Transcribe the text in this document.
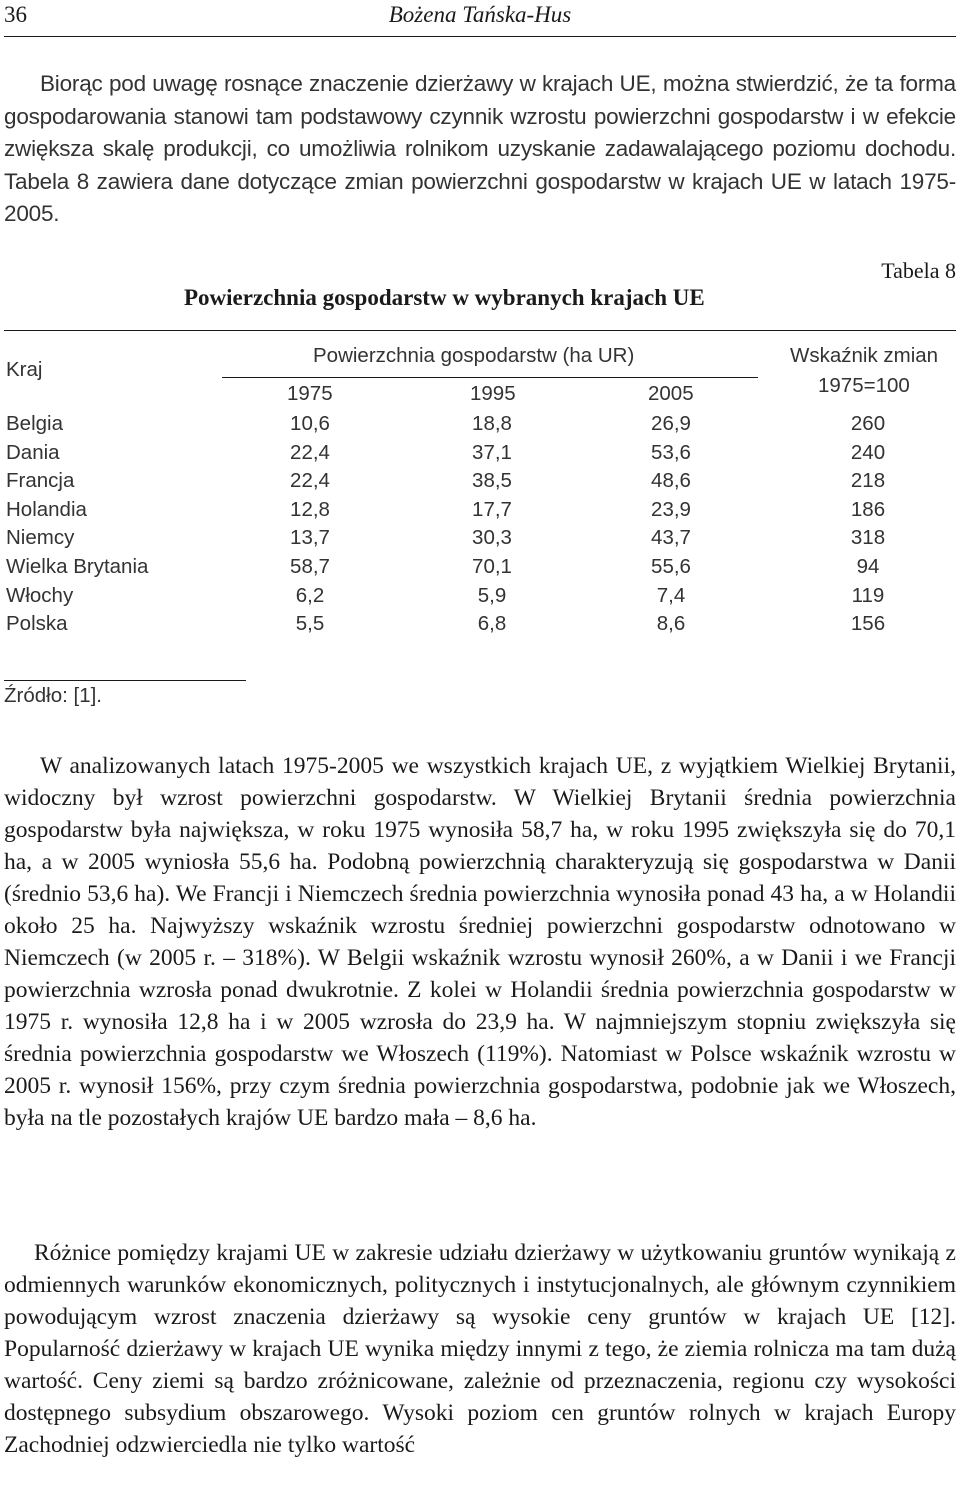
36	Bożena Tańska-Hus

Biorąc pod uwagę rosnące znaczenie dzierżawy w krajach UE, można stwierdzić, że ta forma gospodarowania stanowi tam podstawowy czynnik wzrostu powierzchni gospodarstw i w efekcie zwiększa skalę produkcji, co umożliwia rolnikom uzyskanie zadawalającego poziomu dochodu. Tabela 8 zawiera dane dotyczące zmian powierzchni gospodarstw w krajach UE w latach 1975-2005.

Tabela 8
Powierzchnia gospodarstw w wybranych krajach UE
Kraj
Powierzchnia gospodarstw (ha UR)	Wskaźnik zmian
1975=100
1975	1995	2005
Belgia	10,6	18,8	26,9	260
Dania	22,4	37,1	53,6	240
Francja	22,4	38,5	48,6	218
Holandia	12,8	17,7	23,9	186
Niemcy	13,7	30,3	43,7	318
Wielka Brytania	58,7	70,1	55,6	94
Włochy	6,2	5,9	7,4	119
Polska	5,5	6,8	8,6	156
Źródło: [1].

W analizowanych latach 1975-2005 we wszystkich krajach UE, z wyjątkiem Wielkiej Brytanii, widoczny był wzrost powierzchni gospodarstw. W Wielkiej Brytanii średnia powierzchnia gospodarstw była największa, w roku 1975 wynosiła 58,7 ha, w roku 1995 zwiększyła się do 70,1 ha, a w 2005 wyniosła 55,6 ha. Podobną powierzchnią charakteryzują się gospodarstwa w Danii (średnio 53,6 ha). We Francji i Niemczech średnia powierzchnia wynosiła ponad 43 ha, a w Holandii około 25 ha. Najwyższy wskaźnik wzrostu średniej powierzchni gospodarstw odnotowano w Niemczech (w 2005 r. – 318%). W Belgii wskaźnik wzrostu wynosił 260%, a w Danii i we Francji powierzchnia wzrosła ponad dwukrotnie. Z kolei w Holandii średnia powierzchnia gospodarstw w 1975 r. wynosiła 12,8 ha i w 2005 wzrosła do 23,9 ha. W najmniejszym stopniu zwiększyła się średnia powierzchnia gospodarstw we Włoszech (119%). Natomiast w Polsce wskaźnik wzrostu w 2005 r. wynosił 156%, przy czym średnia powierzchnia gospodarstwa, podobnie jak we Włoszech, była na tle pozostałych krajów UE bardzo mała – 8,6 ha.

Różnice pomiędzy krajami UE w zakresie udziału dzierżawy w użytkowaniu gruntów wynikają z odmiennych warunków ekonomicznych, politycznych i instytucjonalnych, ale głównym czynnikiem powodującym wzrost znaczenia dzierżawy są wysokie ceny gruntów w krajach UE [12]. Popularność dzierżawy w krajach UE wynika między innymi z tego, że ziemia rolnicza ma tam dużą wartość. Ceny ziemi są bardzo zróżnicowane, zależnie od przeznaczenia, regionu czy wysokości dostępnego subsydium obszarowego. Wysoki poziom cen gruntów rolnych w krajach Europy Zachodniej odzwierciedla nie tylko wartość
